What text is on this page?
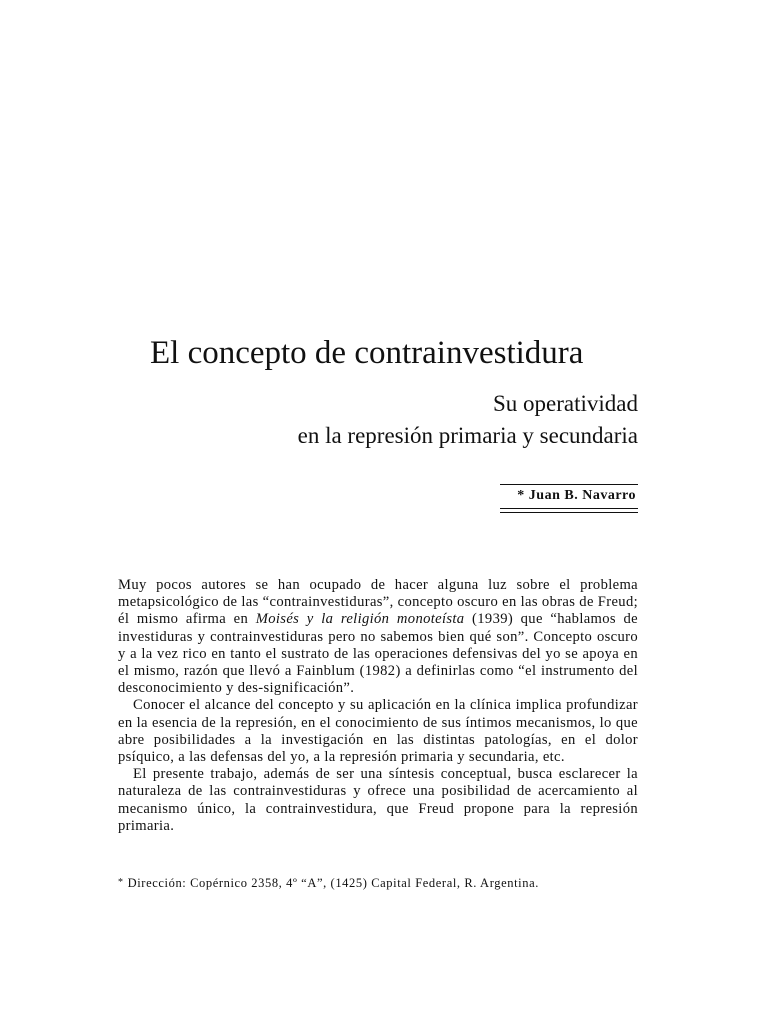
El concepto de contrainvestidura
Su operatividad
en la represión primaria y secundaria
* Juan B. Navarro

Muy pocos autores se han ocupado de hacer alguna luz sobre el problema metapsicológico de las “contrainvestiduras”, concepto oscuro en las obras de Freud; él mismo afirma en Moisés y la religión monoteísta (1939) que “hablamos de investiduras y contrainvestiduras pero no sabemos bien qué son”. Concepto oscuro y a la vez rico en tanto el sustrato de las operaciones defensivas del yo se apoya en el mismo, razón que llevó a Fainblum (1982) a definirlas como “el instrumento del desconocimiento y des-significación”.

Conocer el alcance del concepto y su aplicación en la clínica implica profundizar en la esencia de la represión, en el conocimiento de sus íntimos mecanismos, lo que abre posibilidades a la investigación en las distintas patologías, en el dolor psíquico, a las defensas del yo, a la represión primaria y secundaria, etc.

El presente trabajo, además de ser una síntesis conceptual, busca esclarecer la naturaleza de las contrainvestiduras y ofrece una posibilidad de acercamiento al mecanismo único, la contrainvestidura, que Freud propone para la represión primaria.

* Dirección: Copérnico 2358, 4º “A”, (1425) Capital Federal, R. Argentina.
